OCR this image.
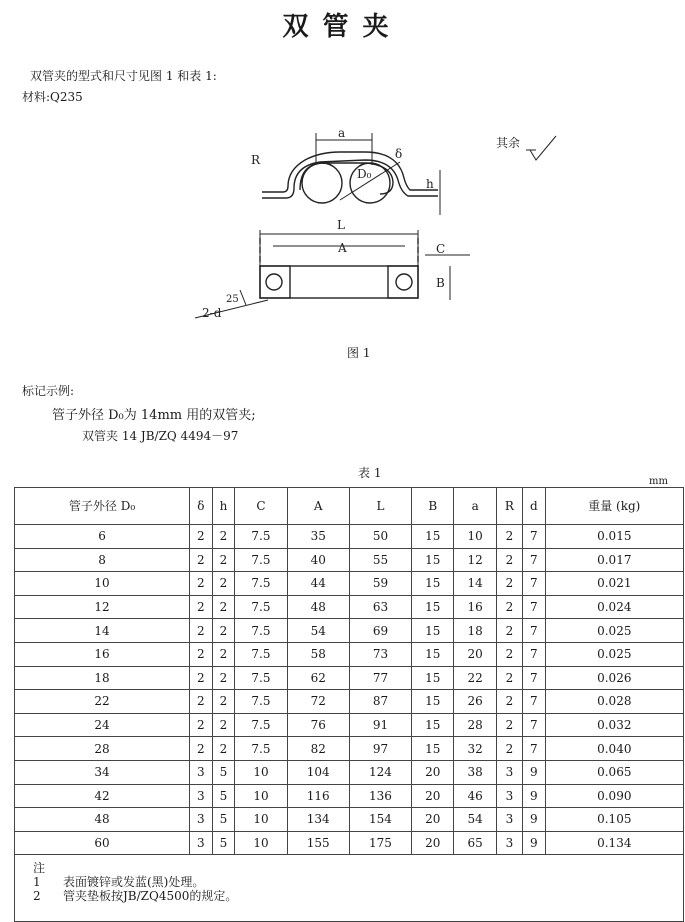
双管夹
双管夹的型式和尺寸见图 1 和表 1:
材料:Q235
a
δ
R
D₀
h
其余
L
A	C
B
2-d
25
图 1
标记示例:
管子外径 D₀为 14mm 用的双管夹;
双管夹 14 JB/ZQ 4494－97
表 1
mm
管子外径 D₀	δ	h	C	A	L	B	a	R	d	重量 (kg)
6	2	2	7.5	35	50	15	10	2	7	0.015
8	2	2	7.5	40	55	15	12	2	7	0.017
10	2	2	7.5	44	59	15	14	2	7	0.021
12	2	2	7.5	48	63	15	16	2	7	0.024
14	2	2	7.5	54	69	15	18	2	7	0.025
16	2	2	7.5	58	73	15	20	2	7	0.025
18	2	2	7.5	62	77	15	22	2	7	0.026
22	2	2	7.5	72	87	15	26	2	7	0.028
24	2	2	7.5	76	91	15	28	2	7	0.032
28	2	2	7.5	82	97	15	32	2	7	0.040
34	3	5	10	104	124	20	38	3	9	0.065
42	3	5	10	116	136	20	46	3	9	0.090
48	3	5	10	134	154	20	54	3	9	0.105
60	3	5	10	155	175	20	65	3	9	0.134

注
1 表面镀锌或发蓝(黑)处理。
2 管夹垫板按JB/ZQ4500的规定。										
